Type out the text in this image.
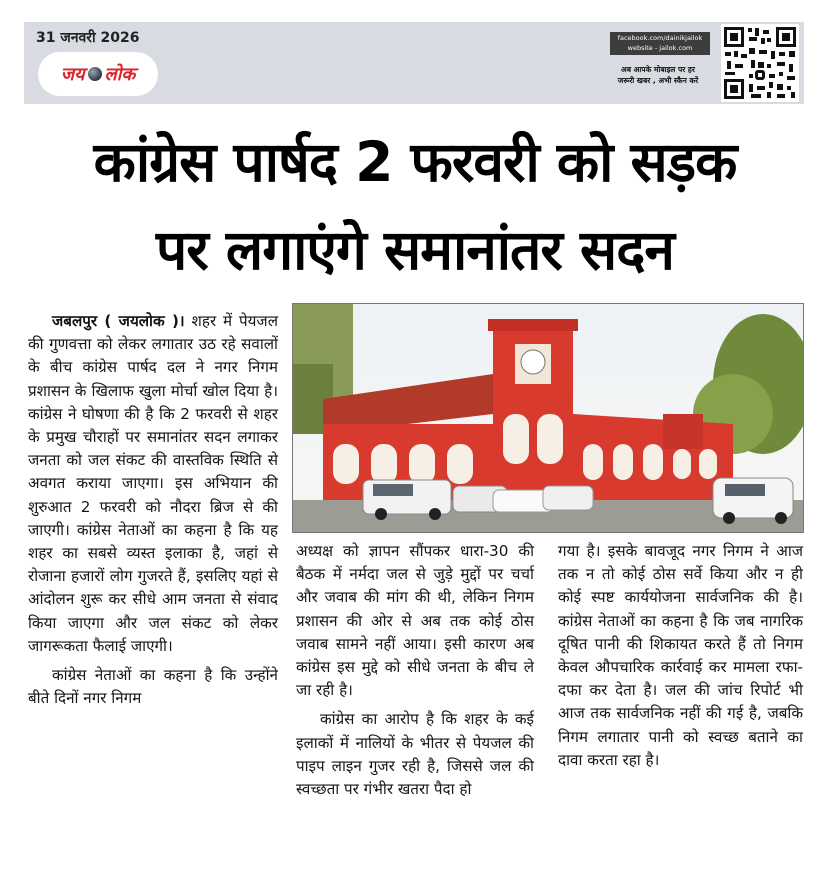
31 जनवरी 2026
जय लोक
facebook.com/dainikjailok
website - jailok.com
अब आपके मोबाइल पर हर
जरूरी खबर , अभी स्कैन करें
कांग्रेस पार्षद 2 फरवरी को सड़क
पर लगाएंगे समानांतर सदन

जबलपुर ( जयलोक )। शहर में पेयजल की गुणवत्ता को लेकर लगातार उठ रहे सवालों के बीच कांग्रेस पार्षद दल ने नगर निगम प्रशासन के खिलाफ खुला मोर्चा खोल दिया है। कांग्रेस ने घोषणा की है कि 2 फरवरी से शहर के प्रमुख चौराहों पर समानांतर सदन लगाकर जनता को जल संकट की वास्तविक स्थिति से अवगत कराया जाएगा। इस अभियान की शुरुआत 2 फरवरी को नौदरा ब्रिज से की जाएगी। कांग्रेस नेताओं का कहना है कि यह शहर का सबसे व्यस्त इलाका है, जहां से रोजाना हजारों लोग गुजरते हैं, इसलिए यहां से आंदोलन शुरू कर सीधे आम जनता से संवाद किया जाएगा और जल संकट को लेकर जागरूकता फैलाई जाएगी।

कांग्रेस नेताओं का कहना है कि उन्होंने बीते दिनों नगर निगम

अध्यक्ष को ज्ञापन सौंपकर धारा-30 की बैठक में नर्मदा जल से जुड़े मुद्दों पर चर्चा और जवाब की मांग की थी, लेकिन निगम प्रशासन की ओर से अब तक कोई ठोस जवाब सामने नहीं आया। इसी कारण अब कांग्रेस इस मुद्दे को सीधे जनता के बीच ले जा रही है।

कांग्रेस का आरोप है कि शहर के कई इलाकों में नालियों के भीतर से पेयजल की पाइप लाइन गुजर रही है, जिससे जल की स्वच्छता पर गंभीर खतरा पैदा हो

गया है। इसके बावजूद नगर निगम ने आज तक न तो कोई ठोस सर्वे किया और न ही कोई स्पष्ट कार्ययोजना सार्वजनिक की है। कांग्रेस नेताओं का कहना है कि जब नागरिक दूषित पानी की शिकायत करते हैं तो निगम केवल औपचारिक कार्रवाई कर मामला रफा-दफा कर देता है। जल की जांच रिपोर्ट भी आज तक सार्वजनिक नहीं की गई है, जबकि निगम लगातार पानी को स्वच्छ बताने का दावा करता रहा है।
